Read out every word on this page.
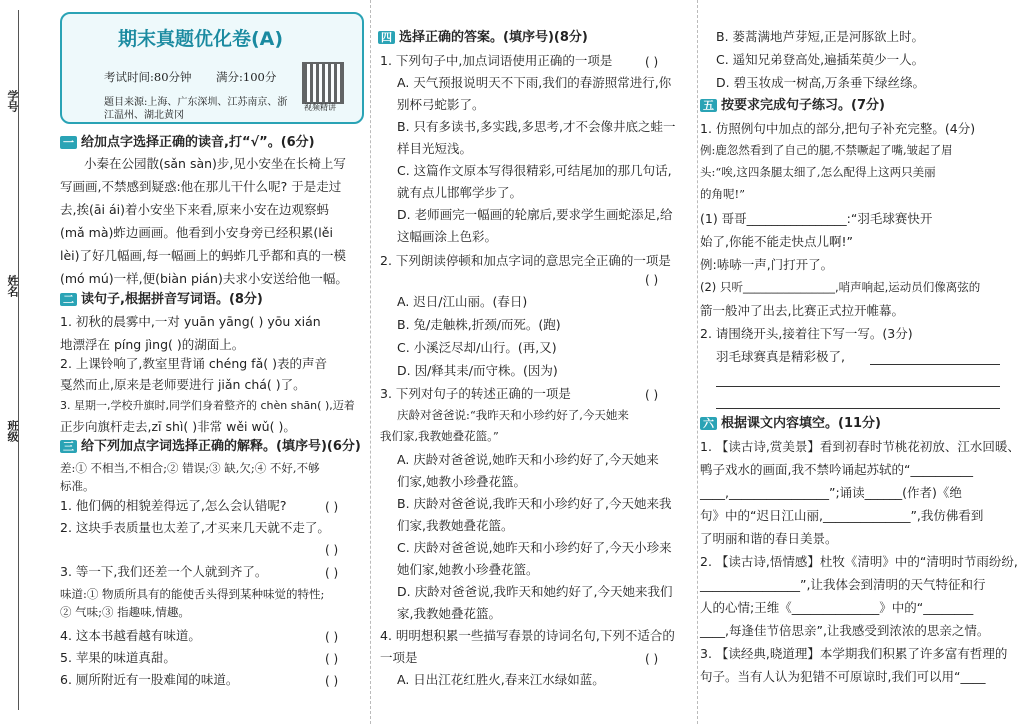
学号
姓名
班级
期末真题优化卷(A)
考试时间:80分钟 满分:100分
题目来源:上海、广东深圳、江苏南京、浙江温州、湖北黄冈
视频精讲
一 给加点字选择正确的读音,打“√”。(6分)
小秦在公园散(sǎn sàn)步,见小安坐在长椅上写
写画画,不禁感到疑惑:他在那儿干什么呢? 于是走过
去,挨(āi ái)着小安坐下来看,原来小安在边观察蚂
(mǎ mà)蚱边画画。他看到小安身旁已经积累(lěi
lèi)了好几幅画,每一幅画上的蚂蚱几乎都和真的一模
(mó mú)一样,便(biàn pián)夫求小安送给他一幅。
二 读句子,根据拼音写词语。(8分)
1. 初秋的晨雾中,一对 yuān yāng( ) yōu xián
地漂浮在 píng jìng( )的湖面上。
2. 上课铃响了,教室里背诵 chéng fǎ( )表的声音
戛然而止,原来是老师要进行 jiǎn chá( )了。
3. 星期一,学校升旗时,同学们身着整齐的 chèn shān( ),迈着
正步向旗杆走去,zī shì( )非常 wěi wǔ( )。
三 给下列加点字词选择正确的解释。(填序号)(6分)
差:① 不相当,不相合;② 错误;③ 缺,欠;④ 不好,不够
标准。
1. 他们俩的相貌差得远了,怎么会认错呢?	( )
2. 这块手表质量也太差了,才买来几天就不走了。
( )
3. 等一下,我们还差一个人就到齐了。	( )
味道:① 物质所具有的能使舌头得到某种味觉的特性;
② 气味;③ 指趣味,情趣。
4. 这本书越看越有味道。	( )
5. 苹果的味道真甜。	( )
6. 厕所附近有一股难闻的味道。	( )
四 选择正确的答案。(填序号)(8分)
1. 下列句子中,加点词语使用正确的一项是	( )
A. 天气预报说明天不下雨,我们的春游照常进行,你
别杯弓蛇影了。
B. 只有多读书,多实践,多思考,才不会像井底之蛙一
样目光短浅。
C. 这篇作文原本写得很精彩,可结尾加的那几句话,
就有点儿邯郸学步了。
D. 老师画完一幅画的轮廓后,要求学生画蛇添足,给
这幅画涂上色彩。
2. 下列朗读停顿和加点字词的意思完全正确的一项是
( )
A. 迟日/江山丽。(春日)
B. 兔/走触株,折颈/而死。(跑)
C. 小溪泛尽却/山行。(再,又)
D. 因/释其耒/而守株。(因为)
3. 下列对句子的转述正确的一项是	( )
庆龄对爸爸说:“我昨天和小珍约好了,今天她来
我们家,我教她叠花篮。”
A. 庆龄对爸爸说,她昨天和小珍约好了,今天她来
们家,她教小珍叠花篮。
B. 庆龄对爸爸说,我昨天和小珍约好了,今天她来我
们家,我教她叠花篮。
C. 庆龄对爸爸说,她昨天和小珍约好了,今天小珍来
她们家,她教小珍叠花篮。
D. 庆龄对爸爸说,我昨天和她约好了,今天她来我们
家,我教她叠花篮。
4. 明明想积累一些描写春景的诗词名句,下列不适合的
一项是	( )
A. 日出江花红胜火,春来江水绿如蓝。
B. 蒌蒿满地芦芽短,正是河豚欲上时。
C. 遥知兄弟登高处,遍插茱萸少一人。
D. 碧玉妆成一树高,万条垂下绿丝绦。
五 按要求完成句子练习。(7分)
1. 仿照例句中加点的部分,把句子补充完整。(4分)
例:鹿忽然看到了自己的腿,不禁噘起了嘴,皱起了眉
头:“唉,这四条腿太细了,怎么配得上这两只美丽
的角呢!”
(1) 哥哥________________:“羽毛球赛快开
始了,你能不能走快点儿啊!”
例:哧哧一声,门打开了。
(2) 只听________________,哨声响起,运动员们像离弦的
箭一般冲了出去,比赛正式拉开帷幕。
2. 请围绕开头,接着往下写一写。(3分)
羽毛球赛真是精彩极了,
六 根据课文内容填空。(11分)
1. 【读古诗,赏美景】看到初春时节桃花初放、江水回暖、
鸭子戏水的画面,我不禁吟诵起苏轼的“__________
____,________________”;诵读______(作者)《绝
句》中的“迟日江山丽,______________”,我仿佛看到
了明丽和谐的春日美景。
2. 【读古诗,悟情感】杜牧《清明》中的“清明时节雨纷纷,
________________”,让我体会到清明的天气特征和行
人的心情;王维《______________》中的“________
____,每逢佳节倍思亲”,让我感受到浓浓的思亲之情。
3. 【读经典,晓道理】本学期我们积累了许多富有哲理的
句子。当有人认为犯错不可原谅时,我们可以用“____
